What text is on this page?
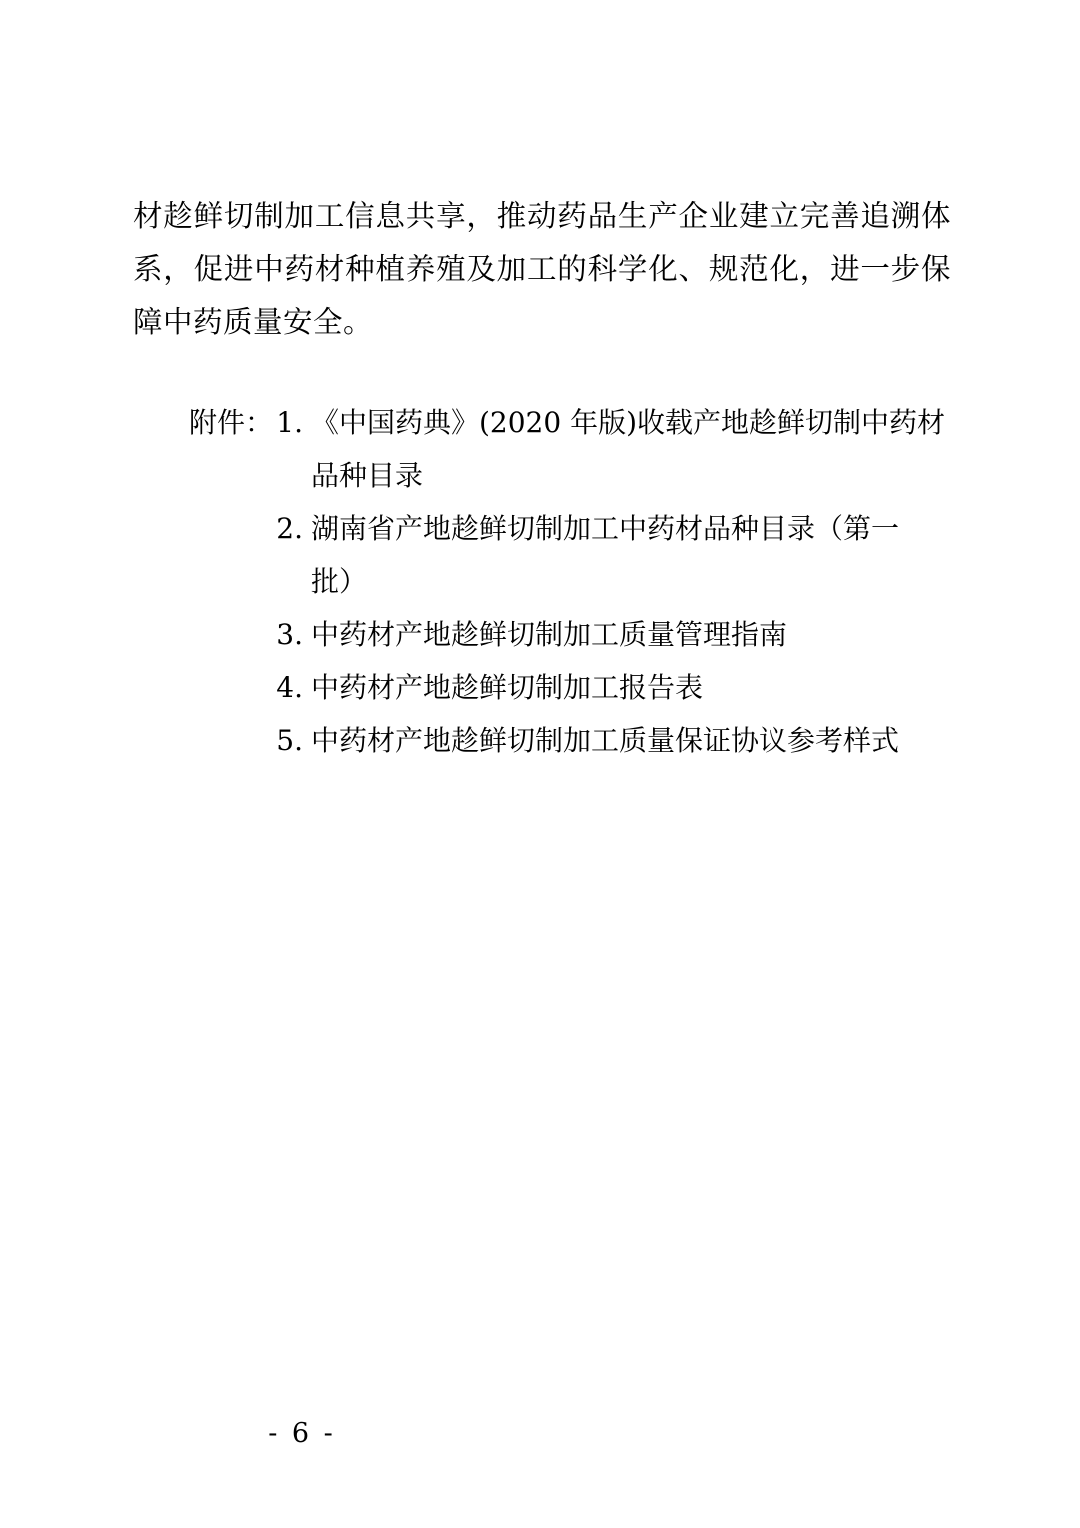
材趁鲜切制加工信息共享，推动药品生产企业建立完善追溯体系，促进中药材种植养殖及加工的科学化、规范化，进一步保障中药质量安全。

附件： 1. 《中国药典》(2020 年版)收载产地趁鲜切制中药材
品种目录
2. 湖南省产地趁鲜切制加工中药材品种目录（第一
批）
3. 中药材产地趁鲜切制加工质量管理指南
4. 中药材产地趁鲜切制加工报告表
5. 中药材产地趁鲜切制加工质量保证协议参考样式
- 6 -
